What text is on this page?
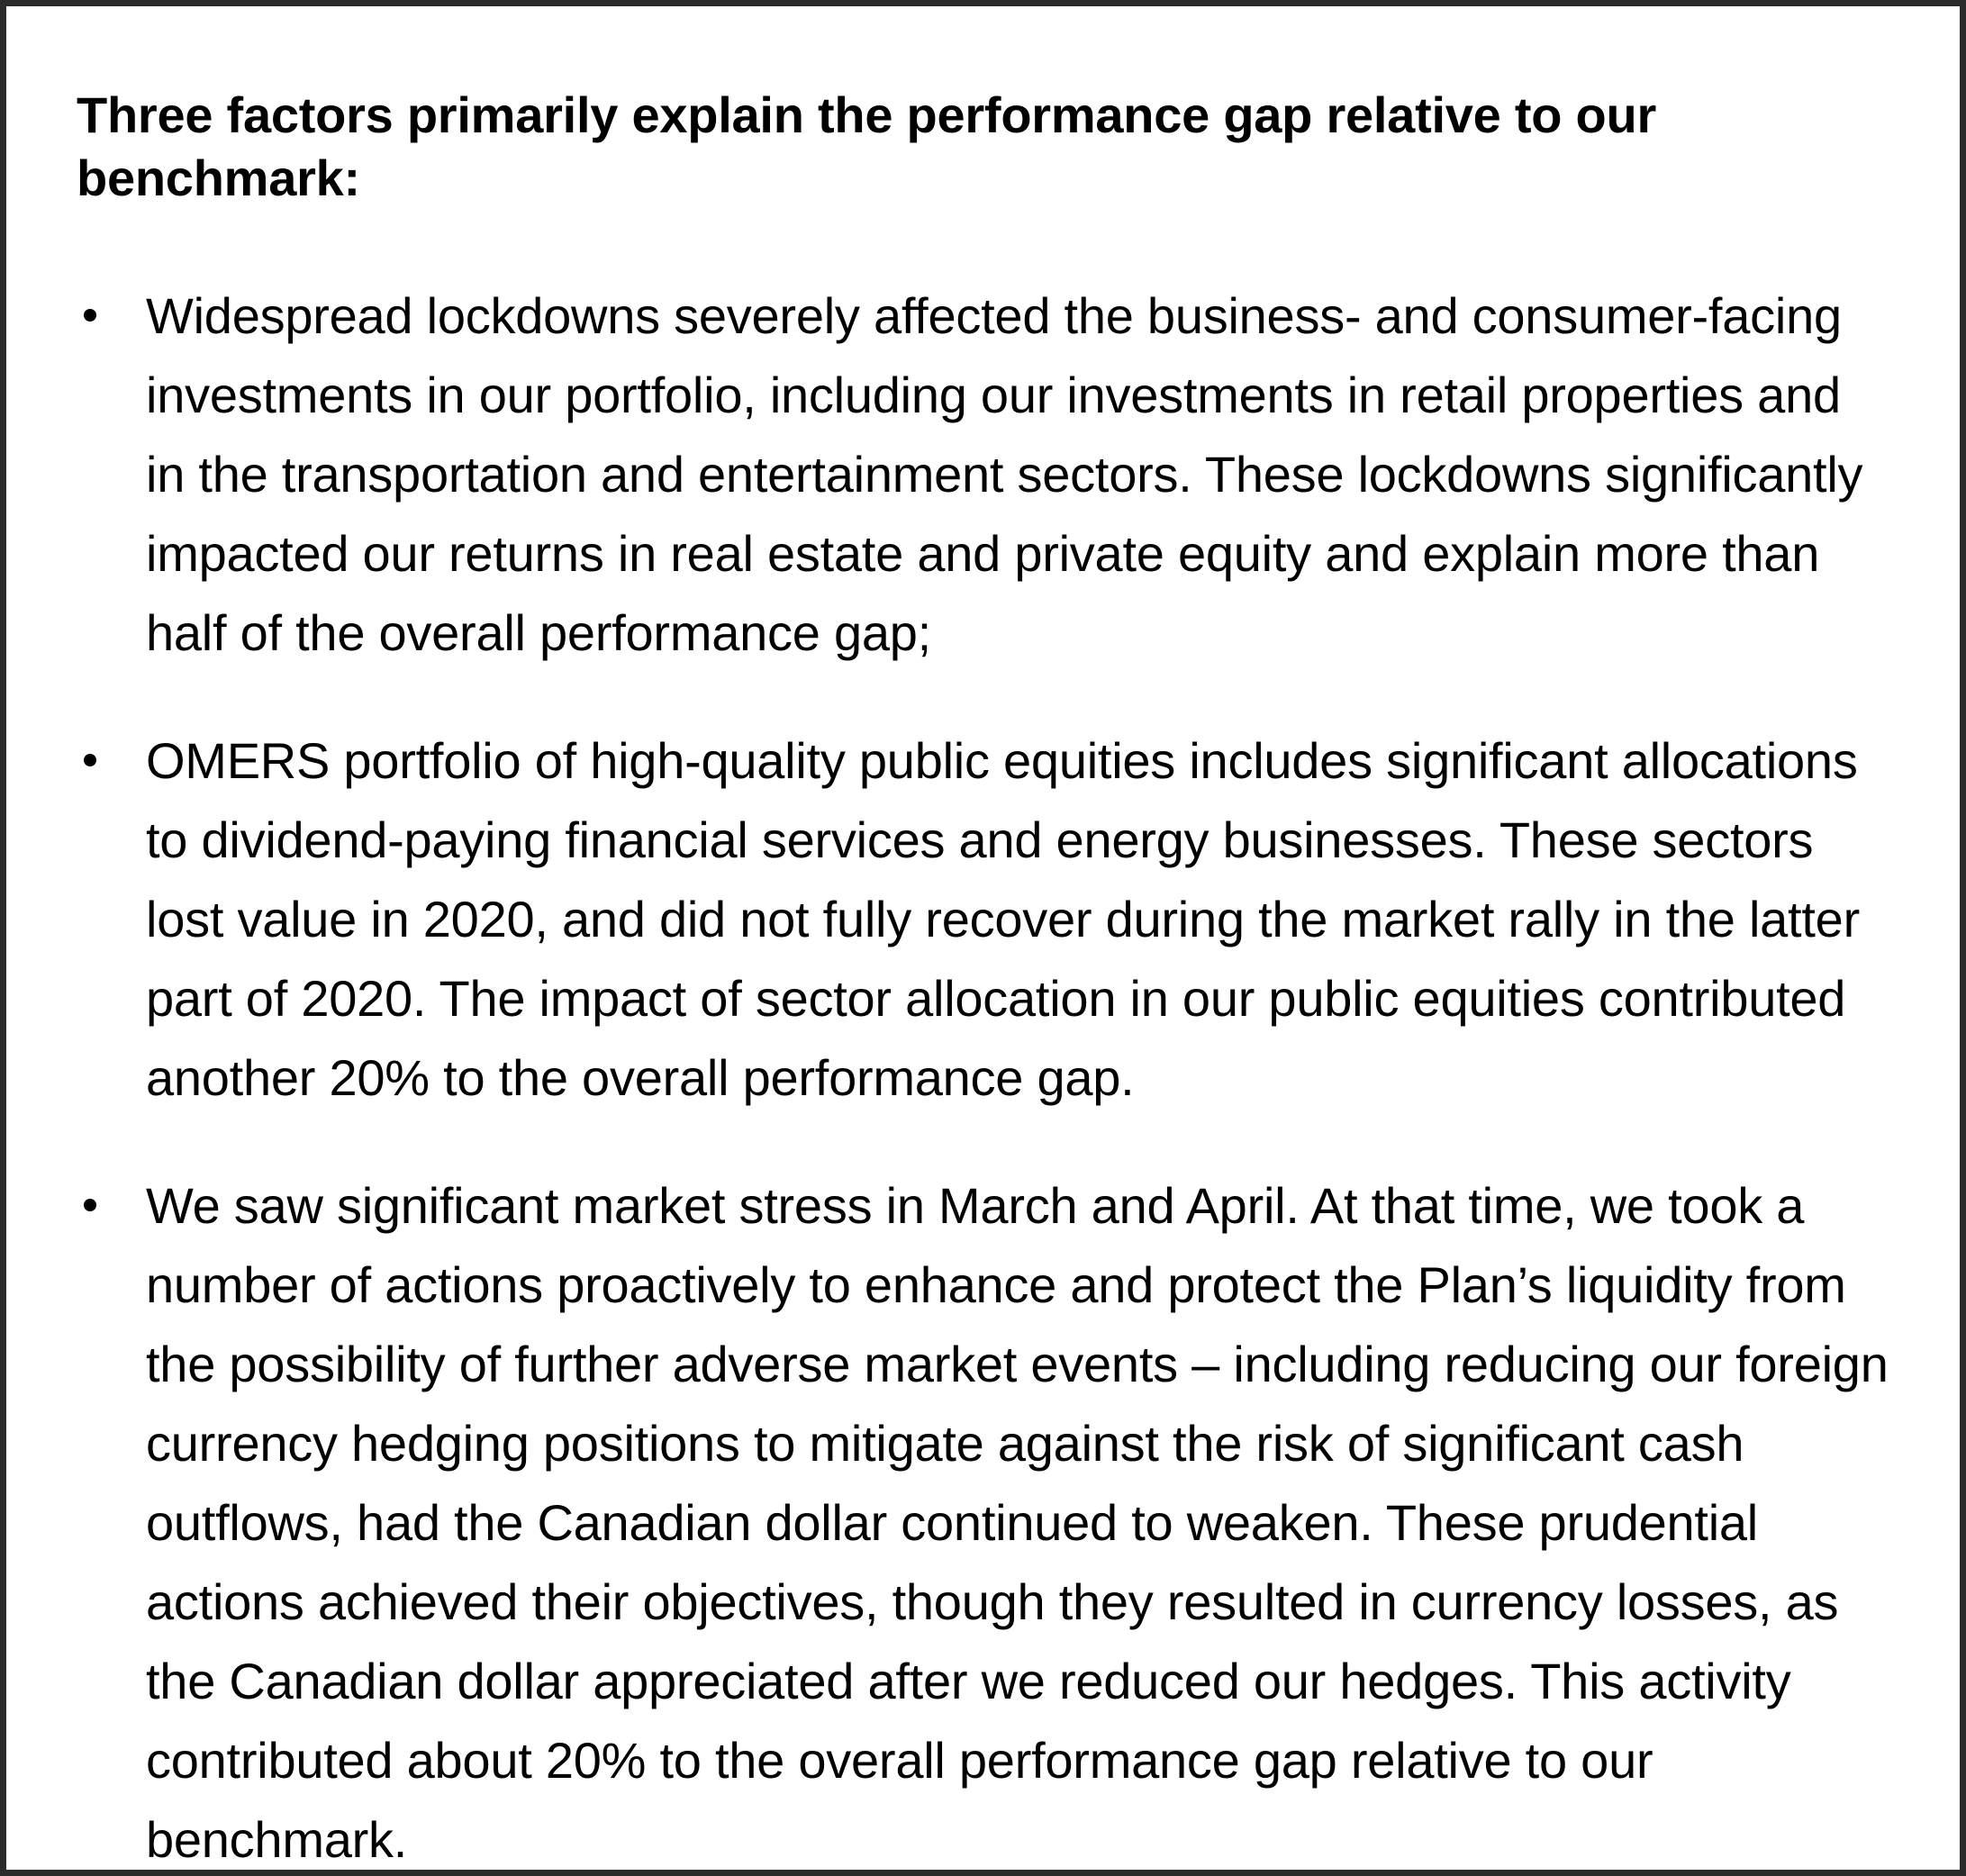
Three factors primarily explain the performance gap relative to our benchmark:
Widespread lockdowns severely affected the business- and consumer-facing investments in our portfolio, including our investments in retail properties and in the transportation and entertainment sectors. These lockdowns significantly impacted our returns in real estate and private equity and explain more than half of the overall performance gap;
OMERS portfolio of high-quality public equities includes significant allocations to dividend-paying financial services and energy businesses. These sectors lost value in 2020, and did not fully recover during the market rally in the latter part of 2020. The impact of sector allocation in our public equities contributed another 20% to the overall performance gap.
We saw significant market stress in March and April. At that time, we took a number of actions proactively to enhance and protect the Plan’s liquidity from the possibility of further adverse market events – including reducing our foreign currency hedging positions to mitigate against the risk of significant cash outflows, had the Canadian dollar continued to weaken. These prudential actions achieved their objectives, though they resulted in currency losses, as the Canadian dollar appreciated after we reduced our hedges. This activity contributed about 20% to the overall performance gap relative to our benchmark.
